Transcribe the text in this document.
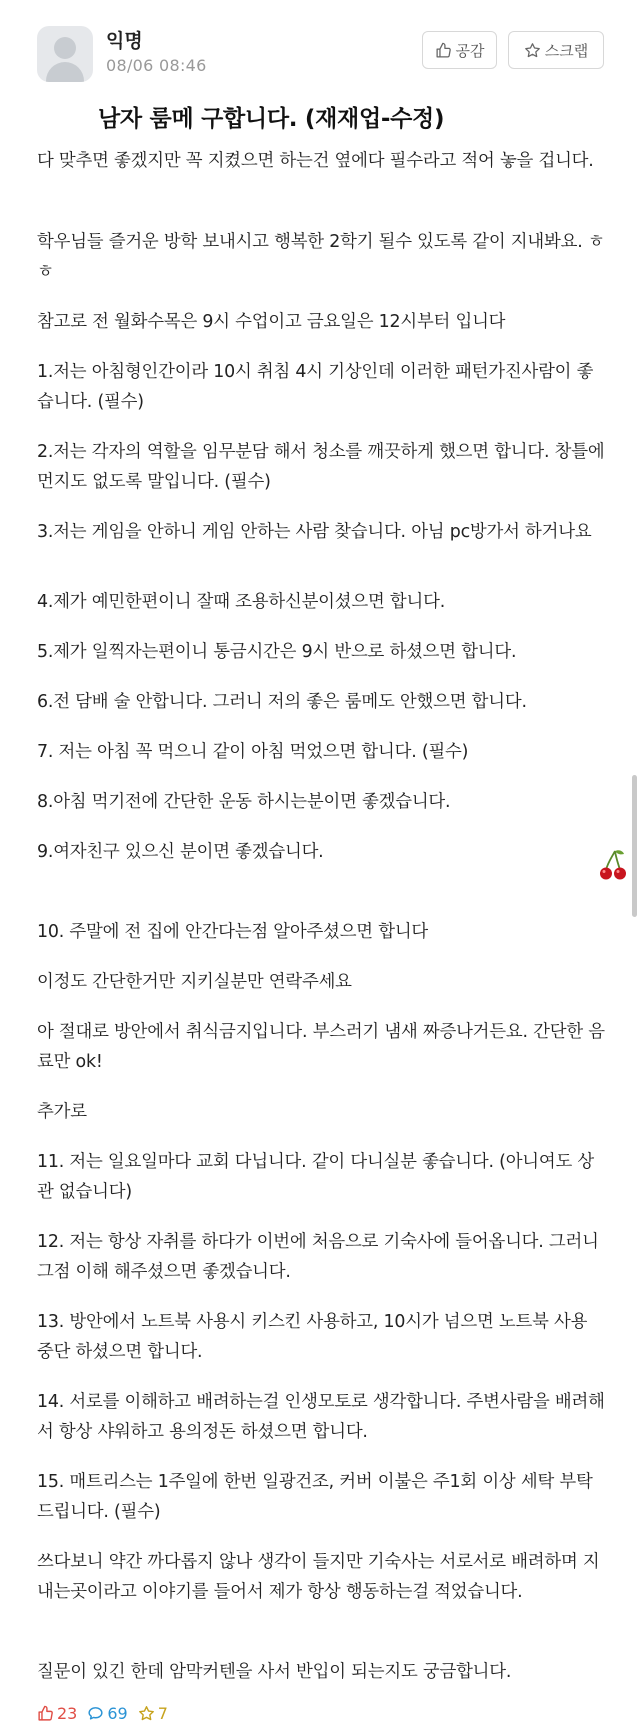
익명
08/06 08:46
공감	스크랩
남자 룸메 구합니다. (재재업-수정)

다 맞추면 좋겠지만 꼭 지켰으면 하는건 옆에다 필수라고 적어 놓을 겁니다.

학우님들 즐거운 방학 보내시고 행복한 2학기 될수 있도록 같이 지내봐요. ㅎㅎ

참고로 전 월화수목은 9시 수업이고 금요일은 12시부터 입니다

1.저는 아침형인간이라 10시 취침 4시 기상인데 이러한 패턴가진사람이 좋습니다. (필수)

2.저는 각자의 역할을 임무분담 해서 청소를 깨끗하게 했으면 합니다. 창틀에 먼지도 없도록 말입니다. (필수)

3.저는 게임을 안하니 게임 안하는 사람 찾습니다. 아님 pc방가서 하거나요

4.제가 예민한편이니 잘때 조용하신분이셨으면 합니다.

5.제가 일찍자는편이니 통금시간은 9시 반으로 하셨으면 합니다.

6.전 담배 술 안합니다. 그러니 저의 좋은 룸메도 안했으면 합니다.

7. 저는 아침 꼭 먹으니 같이 아침 먹었으면 합니다. (필수)

8.아침 먹기전에 간단한 운동 하시는분이면 좋겠습니다.

9.여자친구 있으신 분이면 좋겠습니다.

10. 주말에 전 집에 안간다는점 알아주셨으면 합니다

이정도 간단한거만 지키실분만 연락주세요

아 절대로 방안에서 취식금지입니다. 부스러기 냄새 짜증나거든요. 간단한 음료만 ok!

추가로

11. 저는 일요일마다 교회 다닙니다. 같이 다니실분 좋습니다. (아니여도 상관 없습니다)

12. 저는 항상 자취를 하다가 이번에 처음으로 기숙사에 들어옵니다. 그러니 그점 이해 해주셨으면 좋겠습니다.

13. 방안에서 노트북 사용시 키스킨 사용하고, 10시가 넘으면 노트북 사용 중단 하셨으면 합니다.

14. 서로를 이해하고 배려하는걸 인생모토로 생각합니다. 주변사람을 배려해서 항상 샤워하고 용의정돈 하셨으면 합니다.

15. 매트리스는 1주일에 한번 일광건조, 커버 이불은 주1회 이상 세탁 부탁드립니다. (필수)

쓰다보니 약간 까다롭지 않나 생각이 들지만 기숙사는 서로서로 배려하며 지내는곳이라고 이야기를 들어서 제가 항상 행동하는걸 적었습니다.

질문이 있긴 한데 암막커텐을 사서 반입이 되는지도 궁금합니다.

23 69 7
